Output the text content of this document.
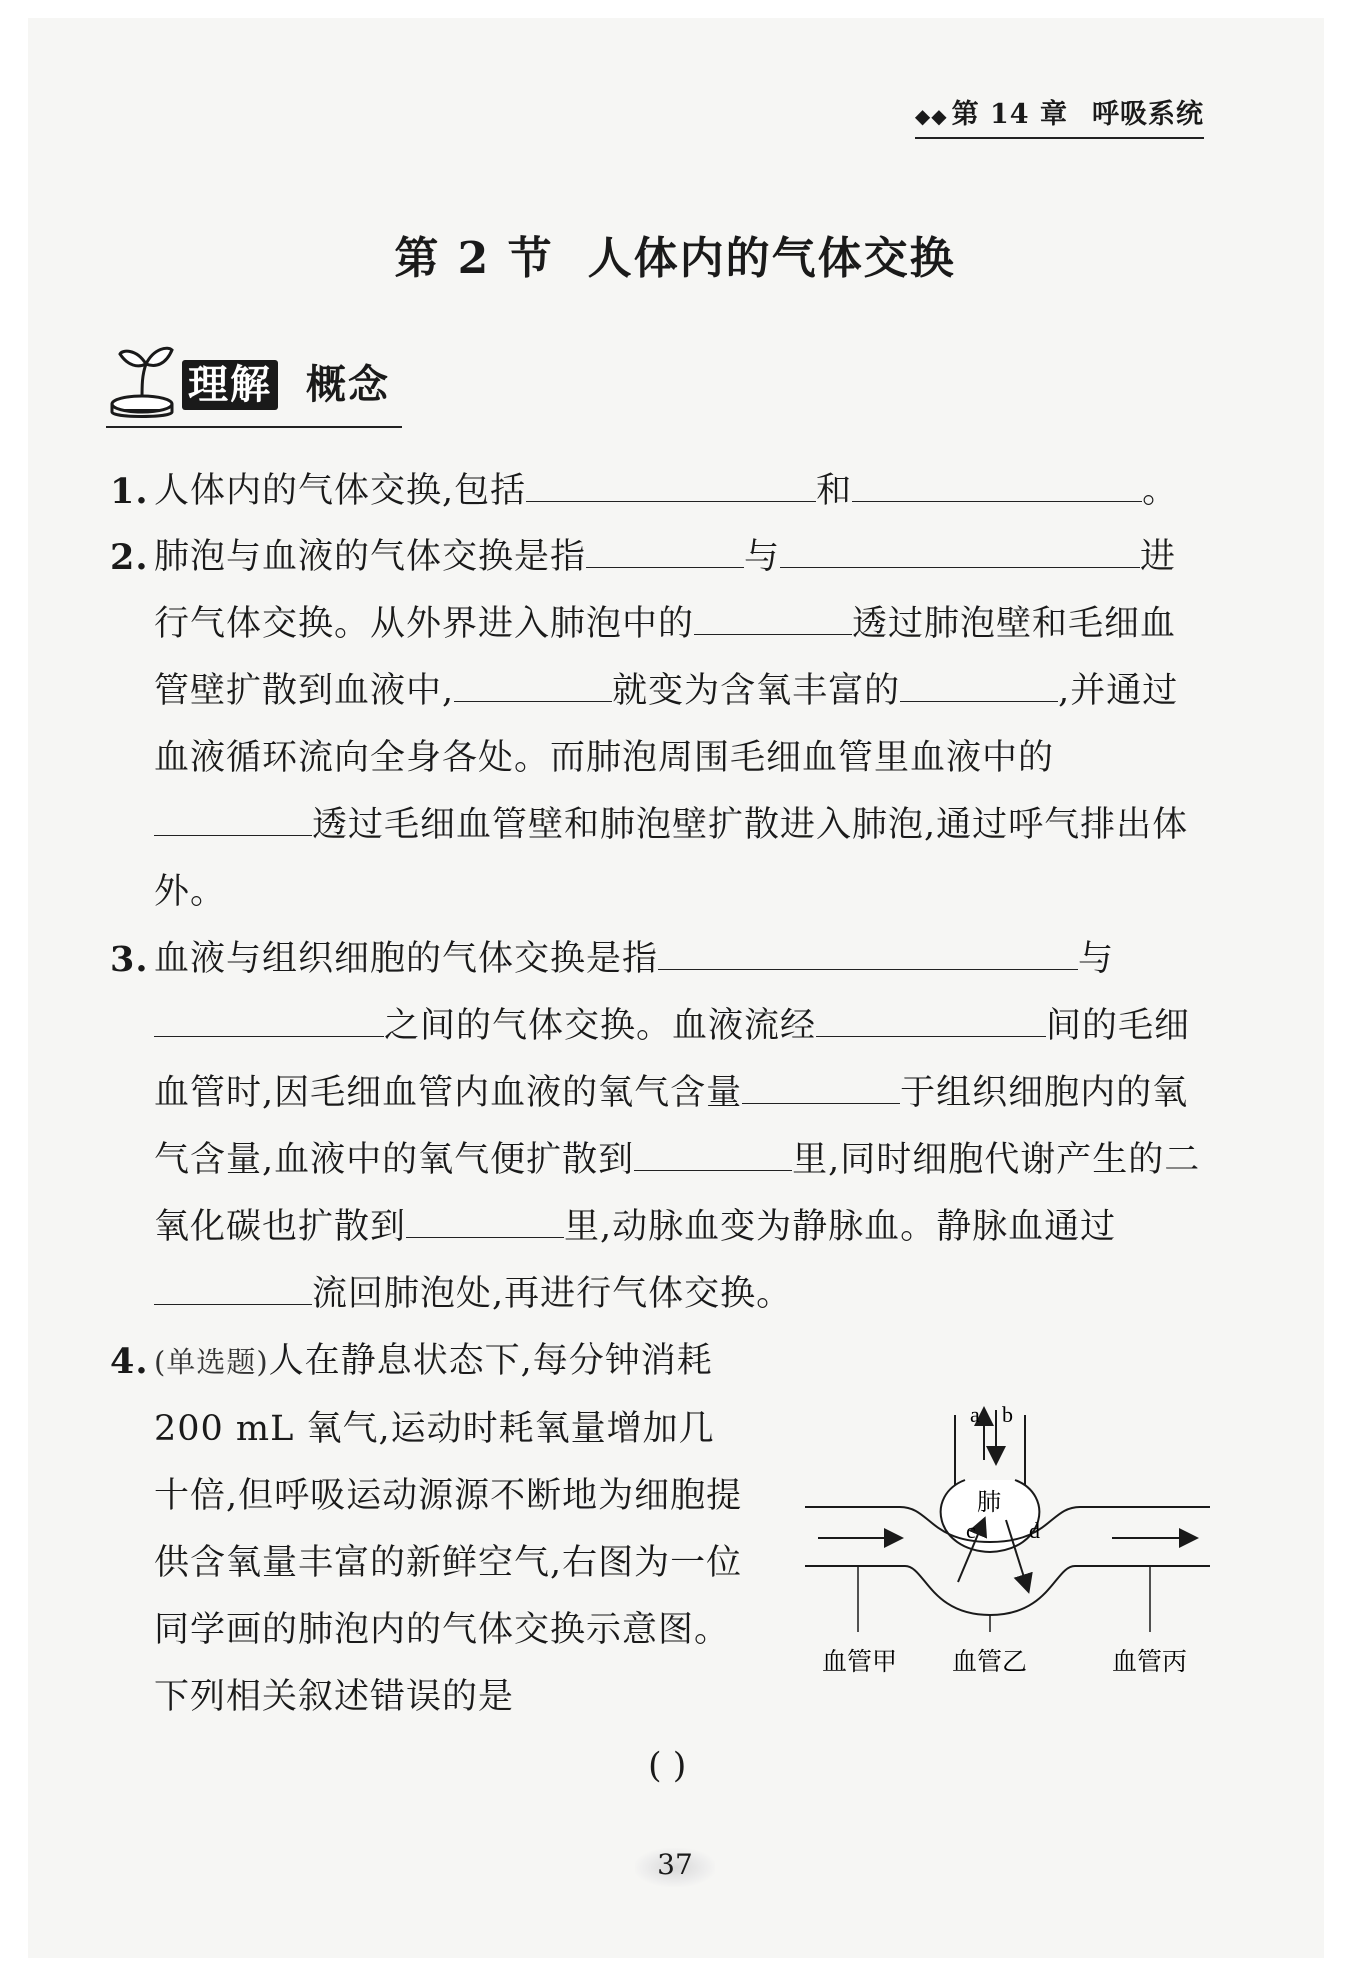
◆◆ 第 14 章 呼吸系统
第 2 节 人体内的气体交换
理解 概念
1. 人体内的气体交换,包括	和	。
2. 肺泡与血液的气体交换是指	与	进行气体交换。从外界进入肺泡中的	透过肺泡壁和毛细血管壁扩散到血液中,	就变为含氧丰富的	,并通过血液循环流向全身各处。而肺泡周围毛细血管里血液中的透过毛细血管壁和肺泡壁扩散进入肺泡,通过呼气排出体外。
3. 血液与组织细胞的气体交换是指	与之间的气体交换。血液流经	间的毛细血管时,因毛细血管内血液的氧气含量	于组织细胞内的氧气含量,血液中的氧气便扩散到	里,同时细胞代谢产生的二氧化碳也扩散到	里,动脉血变为静脉血。静脉血通过流回肺泡处,再进行气体交换。
4. (单选题)人在静息状态下,每分钟消耗 200 mL 氧气,运动时耗氧量增加几十倍,但呼吸运动源源不断地为细胞提供含氧量丰富的新鲜空气,右图为一位同学画的肺泡内的气体交换示意图。下列相关叙述错误的是
( )
a b
c d
肺
血管甲 血管乙	血管丙
37
